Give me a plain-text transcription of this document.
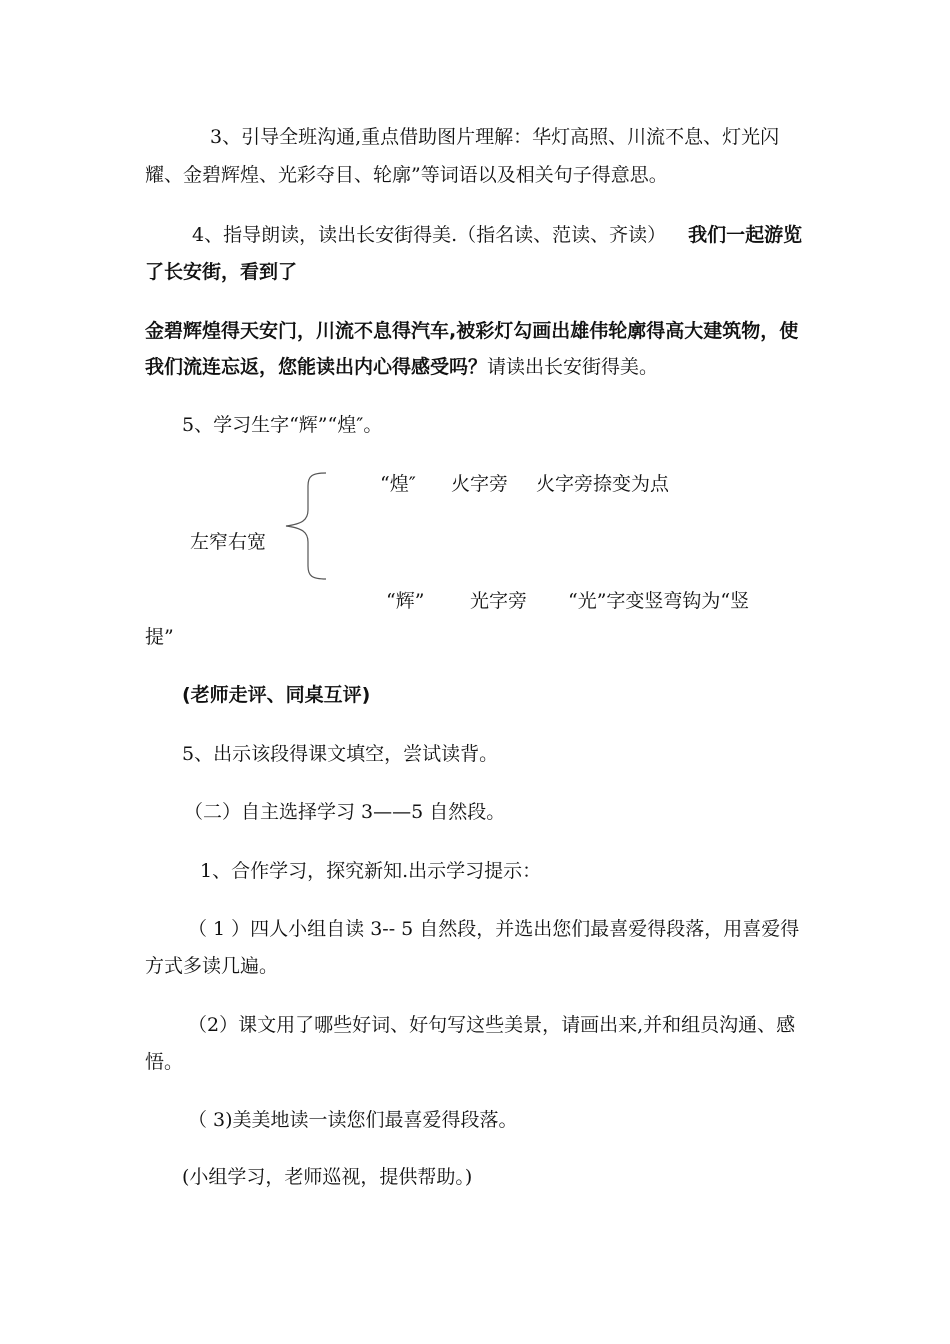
3、引导全班沟通,重点借助图片理解：华灯高照、川流不息、灯光闪
耀、金碧辉煌、光彩夺目、轮廓”等词语以及相关句子得意思。
4、指导朗读，读出长安街得美.（指名读、范读、齐读） 我们一起游览
了长安街，看到了
金碧辉煌得天安门，川流不息得汽车,被彩灯勾画出雄伟轮廓得高大建筑物，使
我们流连忘返，您能读出内心得感受吗？请读出长安街得美。
5、学习生字“辉”“煌″。
“煌″ 火字旁 火字旁捺变为点
左窄右宽
“辉” 光字旁 “光”字变竖弯钩为“竖
提”
(老师走评、同桌互评)
5、出示该段得课文填空，尝试读背。
（二）自主选择学习 3——5 自然段。
1、合作学习，探究新知.出示学习提示：
（ 1 ）四人小组自读 3-- 5 自然段，并选出您们最喜爱得段落，用喜爱得
方式多读几遍。
（2）课文用了哪些好词、好句写这些美景，请画出来,并和组员沟通、感
悟。
（ 3)美美地读一读您们最喜爱得段落。
(小组学习，老师巡视，提供帮助。)
